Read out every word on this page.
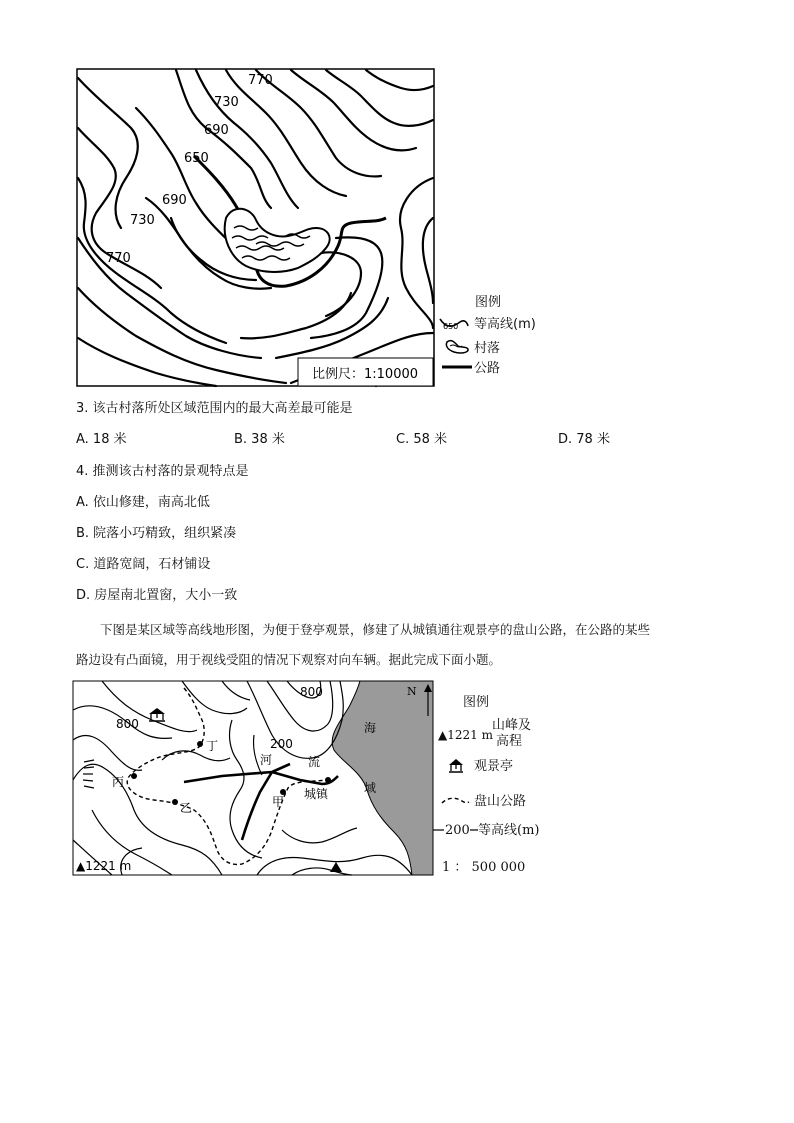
770
730
690
650
690
730
770
比例尺：1:10000
图例
650 等高线(m)
村落
公路
3. 该古村落所处区域范围内的最大高差最可能是
A. 18 米	B. 38 米	C. 58 米	D. 78 米
4. 推测该古村落的景观特点是
A. 依山修建，南高北低
B. 院落小巧精致，组织紧凑
C. 道路宽阔，石材铺设
D. 房屋南北置窗，大小一致
下图是某区域等高线地形图，为便于登亭观景，修建了从城镇通往观景亭的盘山公路，在公路的某些
路边设有凸面镜，用于视线受阻的情况下观察对向车辆。据此完成下面小题。
800
800
200
丁
丙
乙	甲
城镇
河	流
海
域
▲1221 m
N
图例
▲1221 m
山峰及
高程
观景亭
盘山公路
200 等高线(m)
1 ： 500 000
